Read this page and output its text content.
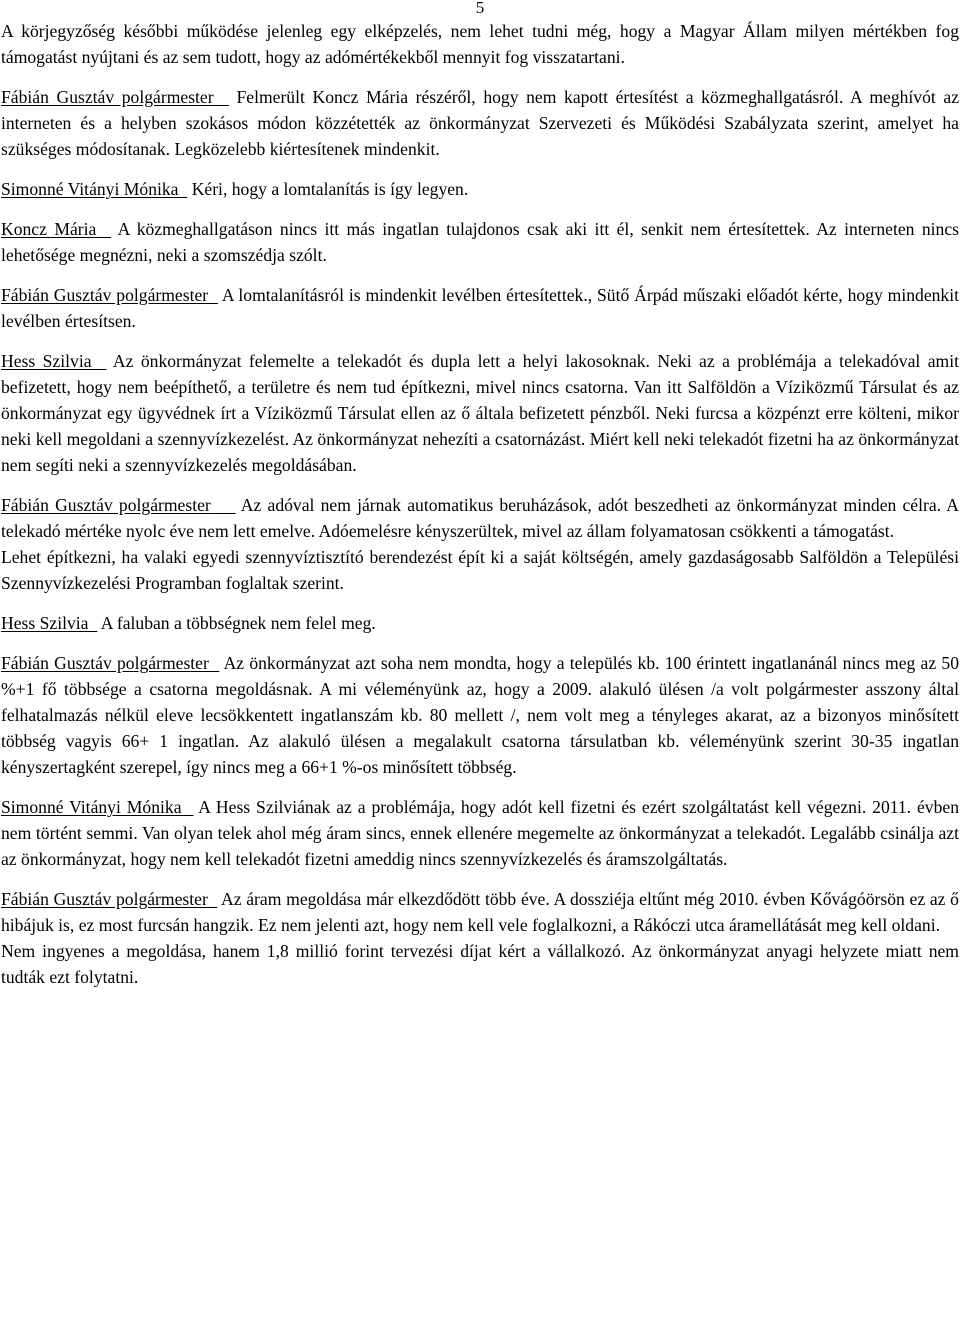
5

A körjegyzőség későbbi működése jelenleg egy elképzelés, nem lehet tudni még, hogy a Magyar Állam milyen mértékben fog támogatást nyújtani és az sem tudott, hogy az adómértékekből mennyit fog visszatartani.

Fábián Gusztáv polgármester Felmerült Koncz Mária részéről, hogy nem kapott értesítést a közmeghallgatásról. A meghívót az interneten és a helyben szokásos módon közzétették az önkormányzat Szervezeti és Működési Szabályzata szerint, amelyet ha szükséges módosítanak. Legközelebb kiértesítenek mindenkit.

Simonné Vitányi Mónika Kéri, hogy a lomtalanítás is így legyen.

Koncz Mária A közmeghallgatáson nincs itt más ingatlan tulajdonos csak aki itt él, senkit nem értesítettek. Az interneten nincs lehetősége megnézni, neki a szomszédja szólt.

Fábián Gusztáv polgármester A lomtalanításról is mindenkit levélben értesítettek., Sütő Árpád műszaki előadót kérte, hogy mindenkit levélben értesítsen.

Hess Szilvia Az önkormányzat felemelte a telekadót és dupla lett a helyi lakosoknak. Neki az a problémája a telekadóval amit befizetett, hogy nem beépíthető, a területre és nem tud építkezni, mivel nincs csatorna. Van itt Salföldön a Víziközmű Társulat és az önkormányzat egy ügyvédnek írt a Víziközmű Társulat ellen az ő általa befizetett pénzből. Neki furcsa a közpénzt erre költeni, mikor neki kell megoldani a szennyvízkezelést. Az önkormányzat nehezíti a csatornázást. Miért kell neki telekadót fizetni ha az önkormányzat nem segíti neki a szennyvízkezelés megoldásában.

Fábián Gusztáv polgármester Az adóval nem járnak automatikus beruházások, adót beszedheti az önkormányzat minden célra. A telekadó mértéke nyolc éve nem lett emelve. Adóemelésre kényszerültek, mivel az állam folyamatosan csökkenti a támogatást.

Lehet építkezni, ha valaki egyedi szennyvíztisztító berendezést épít ki a saját költségén, amely gazdaságosabb Salföldön a Települési Szennyvízkezelési Programban foglaltak szerint.

Hess Szilvia A faluban a többségnek nem felel meg.

Fábián Gusztáv polgármester Az önkormányzat azt soha nem mondta, hogy a település kb. 100 érintett ingatlanánál nincs meg az 50 %+1 fő többsége a csatorna megoldásnak. A mi véleményünk az, hogy a 2009. alakuló ülésen /a volt polgármester asszony által felhatalmazás nélkül eleve lecsökkentett ingatlanszám kb. 80 mellett /, nem volt meg a tényleges akarat, az a bizonyos minősített többség vagyis 66+ 1 ingatlan. Az alakuló ülésen a megalakult csatorna társulatban kb. véleményünk szerint 30-35 ingatlan kényszertagként szerepel, így nincs meg a 66+1 %-os minősített többség.

Simonné Vitányi Mónika A Hess Szilviának az a problémája, hogy adót kell fizetni és ezért szolgáltatást kell végezni. 2011. évben nem történt semmi. Van olyan telek ahol még áram sincs, ennek ellenére megemelte az önkormányzat a telekadót. Legalább csinálja azt az önkormányzat, hogy nem kell telekadót fizetni ameddig nincs szennyvízkezelés és áramszolgáltatás.

Fábián Gusztáv polgármester Az áram megoldása már elkezdődött több éve. A dossziéja eltűnt még 2010. évben Kővágóörsön ez az ő hibájuk is, ez most furcsán hangzik. Ez nem jelenti azt, hogy nem kell vele foglalkozni, a Rákóczi utca áramellátását meg kell oldani.

Nem ingyenes a megoldása, hanem 1,8 millió forint tervezési díjat kért a vállalkozó. Az önkormányzat anyagi helyzete miatt nem tudták ezt folytatni.
